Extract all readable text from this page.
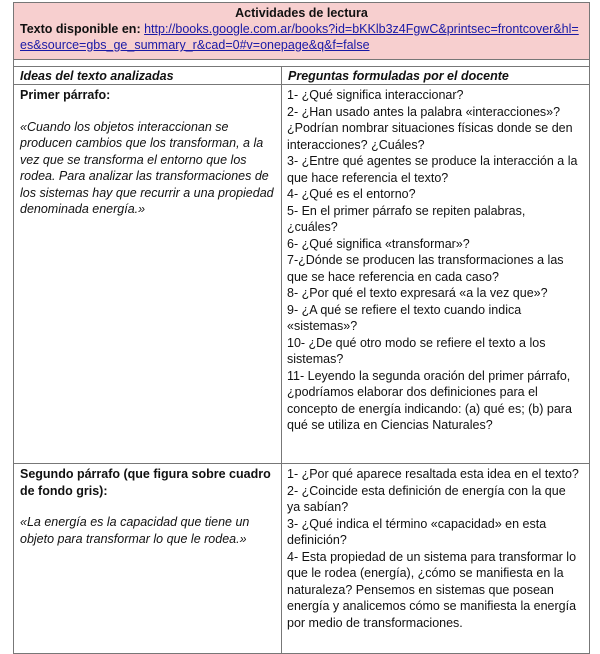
Actividades de lectura
Texto disponible en: http://books.google.com.ar/books?id=bKKlb3z4FgwC&printsec=frontcover&hl=es&source=gbs_ge_summary_r&cad=0#v=onepage&q&f=false
Ideas del texto analizadas	Preguntas formuladas por el docente
Primer párrafo:
«Cuando los objetos interaccionan se producen cambios que los transforman, a la vez que se transforma el entorno que los rodea. Para analizar las transformaciones de los sistemas hay que recurrir a una propiedad denominada energía.»
1- ¿Qué significa interaccionar?
2- ¿Han usado antes la palabra «interacciones»? ¿Podrían nombrar situaciones físicas donde se den interacciones? ¿Cuáles?
3- ¿Entre qué agentes se produce la interacción a la que hace referencia el texto?
4- ¿Qué es el entorno?
5- En el primer párrafo se repiten palabras, ¿cuáles?
6- ¿Qué significa «transformar»?
7-¿Dónde se producen las transformaciones a las que se hace referencia en cada caso?
8- ¿Por qué el texto expresará «a la vez que»?
9- ¿A qué se refiere el texto cuando indica «sistemas»?
10- ¿De qué otro modo se refiere el texto a los sistemas?
11- Leyendo la segunda oración del primer párrafo, ¿podríamos elaborar dos definiciones para el concepto de energía indicando: (a) qué es; (b) para qué se utiliza en Ciencias Naturales?
Segundo párrafo (que figura sobre cuadro de fondo gris):
«La energía es la capacidad que tiene un objeto para transformar lo que le rodea.»
1- ¿Por qué aparece resaltada esta idea en el texto?
2- ¿Coincide esta definición de energía con la que ya sabían?
3- ¿Qué indica el término «capacidad» en esta definición?
4- Esta propiedad de un sistema para transformar lo que le rodea (energía), ¿cómo se manifiesta en la naturaleza? Pensemos en sistemas que posean energía y analicemos cómo se manifiesta la energía por medio de transformaciones.
